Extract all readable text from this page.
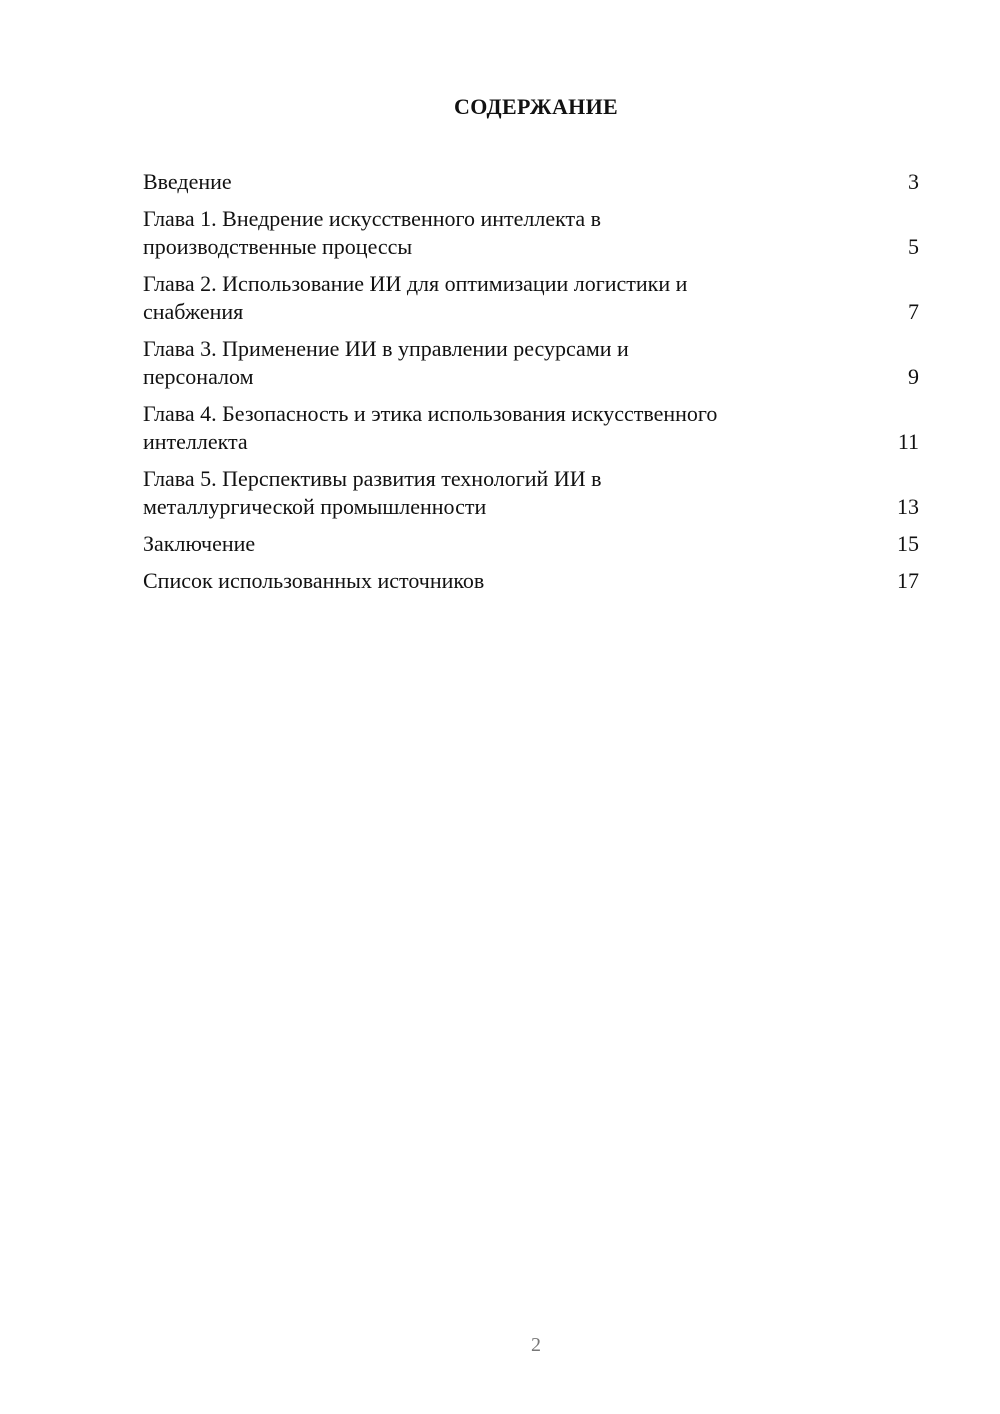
СОДЕРЖАНИЕ
Введение	3
Глава 1. Внедрение искусственного интеллекта в
производственные процессы	5
Глава 2. Использование ИИ для оптимизации логистики и
снабжения	7
Глава 3. Применение ИИ в управлении ресурсами и
персоналом	9
Глава 4. Безопасность и этика использования искусственного
интеллекта	11
Глава 5. Перспективы развития технологий ИИ в
металлургической промышленности	13
Заключение	15
Список использованных источников	17
2
